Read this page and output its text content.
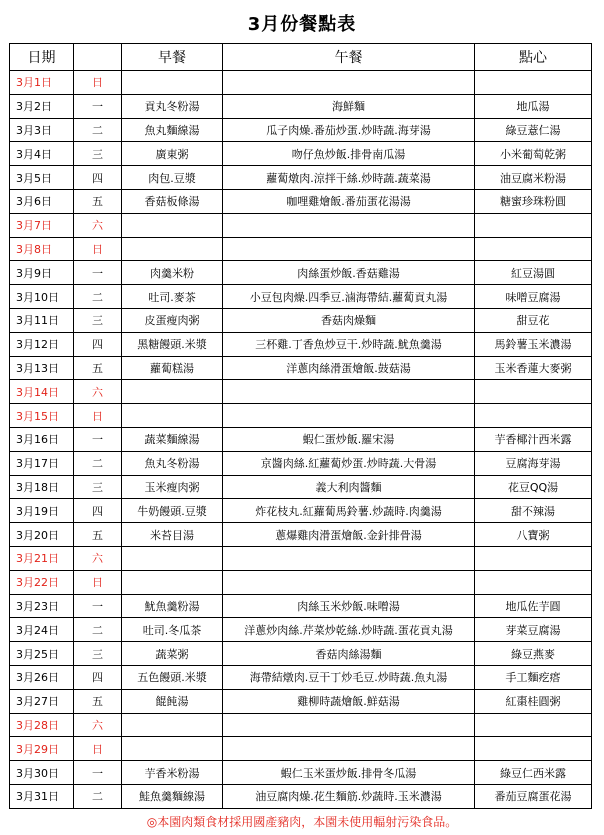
3月份餐點表
日期		早餐	午餐	點心
3月1日	日			
3月2日	一	貢丸冬粉湯	海鮮麵	地瓜湯
3月3日	二	魚丸麵線湯	瓜子肉燥.番茄炒蛋.炒時蔬.海芽湯	綠豆薏仁湯
3月4日	三	廣東粥	吻仔魚炒飯.排骨南瓜湯	小米葡萄乾粥
3月5日	四	肉包.豆漿	蘿蔔燉肉.涼拌干絲.炒時蔬.蔬菜湯	油豆腐米粉湯
3月6日	五	香菇板條湯	咖哩雞燴飯.番茄蛋花湯湯	糖蜜珍珠粉圓
3月7日	六			
3月8日	日			
3月9日	一	肉羹米粉	肉絲蛋炒飯.香菇雞湯	紅豆湯圓
3月10日	二	吐司.麥茶	小豆包肉燥.四季豆.滷海帶結.蘿蔔貢丸湯	味噌豆腐湯
3月11日	三	皮蛋瘦肉粥	香菇肉燥麵	甜豆花
3月12日	四	黑糖饅頭.米漿	三杯雞.丁香魚炒豆干.炒時蔬.魷魚羹湯	馬鈴薯玉米濃湯
3月13日	五	蘿蔔糕湯	洋蔥肉絲滑蛋燴飯.鼓菇湯	玉米香蓮大麥粥
3月14日	六			
3月15日	日			
3月16日	一	蔬菜麵線湯	蝦仁蛋炒飯.羅宋湯	芋香椰汁西米露
3月17日	二	魚丸冬粉湯	京醬肉絲.紅蘿蔔炒蛋.炒時蔬.大骨湯	豆腐海芽湯
3月18日	三	玉米瘦肉粥	義大利肉醬麵	花豆QQ湯
3月19日	四	牛奶饅頭.豆漿	炸花枝丸.紅蘿蔔馬鈴薯.炒蔬時.肉羹湯	甜不辣湯
3月20日	五	米苔目湯	蔥爆雞肉滑蛋燴飯.金針排骨湯	八寶粥
3月21日	六			
3月22日	日			
3月23日	一	魷魚羹粉湯	肉絲玉米炒飯.味噌湯	地瓜佐芋圓
3月24日	二	吐司.冬瓜茶	洋蔥炒肉絲.芹菜炒乾絲.炒時蔬.蛋花貢丸湯	芽菜豆腐湯
3月25日	三	蔬菜粥	香菇肉絲湯麵	綠豆燕麥
3月26日	四	五色饅頭.米漿	海帶結燉肉.豆干丁炒毛豆.炒時蔬.魚丸湯	手工麵疙瘩
3月27日	五	餛飩湯	雞柳時蔬燴飯.鮮菇湯	紅棗桂圓粥
3月28日	六			
3月29日	日			
3月30日	一	芋香米粉湯	蝦仁玉米蛋炒飯.排骨冬瓜湯	綠豆仁西米露
3月31日	二	鮭魚羹麵線湯	油豆腐肉燥.花生麵筋.炒蔬時.玉米濃湯	番茄豆腐蛋花湯
◎本園肉類食材採用國產豬肉，本園未使用輻射污染食品。
